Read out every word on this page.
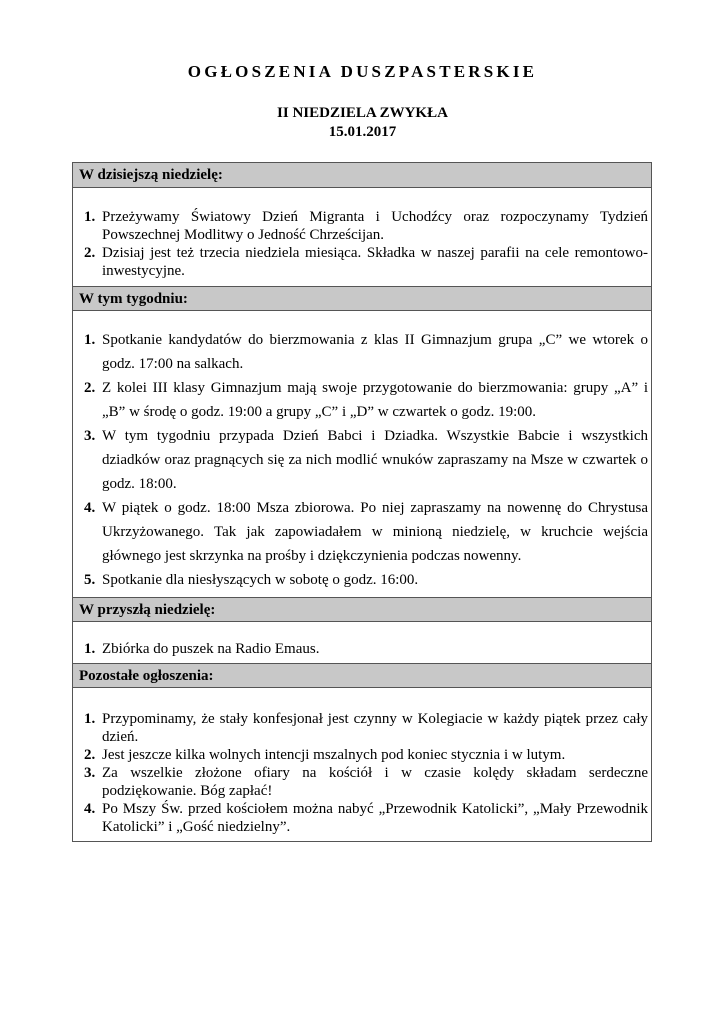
OGŁOSZENIA DUSZPASTERSKIE
II NIEDZIELA ZWYKŁA
15.01.2017
W dzisiejszą niedzielę:
1. Przeżywamy Światowy Dzień Migranta i Uchodźcy oraz rozpoczynamy Tydzień Powszechnej Modlitwy o Jedność Chrześcijan.
2. Dzisiaj jest też trzecia niedziela miesiąca. Składka w naszej parafii na cele remontowo-inwestycyjne.
W tym tygodniu:
1. Spotkanie kandydatów do bierzmowania z klas II Gimnazjum grupa „C” we wtorek o godz. 17:00 na salkach.
2. Z kolei III klasy Gimnazjum mają swoje przygotowanie do bierzmowania: grupy „A” i „B” w środę o godz. 19:00 a grupy „C” i „D” w czwartek o godz. 19:00.
3. W tym tygodniu przypada Dzień Babci i Dziadka. Wszystkie Babcie i wszystkich dziadków oraz pragnących się za nich modlić wnuków zapraszamy na Msze w czwartek o godz. 18:00.
4. W piątek o godz. 18:00 Msza zbiorowa. Po niej zapraszamy na nowennę do Chrystusa Ukrzyżowanego. Tak jak zapowiadałem w minioną niedzielę, w kruchcie wejścia głównego jest skrzynka na prośby i dziękczynienia podczas nowenny.
5. Spotkanie dla niesłyszących w sobotę o godz. 16:00.
W przyszłą niedzielę:
1. Zbiórka do puszek na Radio Emaus.
Pozostałe ogłoszenia:
1. Przypominamy, że stały konfesjonał jest czynny w Kolegiacie w każdy piątek przez cały dzień.
2. Jest jeszcze kilka wolnych intencji mszalnych pod koniec stycznia i w lutym.
3. Za wszelkie złożone ofiary na kościół i w czasie kolędy składam serdeczne podziękowanie. Bóg zapłać!
4. Po Mszy Św. przed kościołem można nabyć „Przewodnik Katolicki”, „Mały Przewodnik Katolicki” i „Gość niedzielny”.
